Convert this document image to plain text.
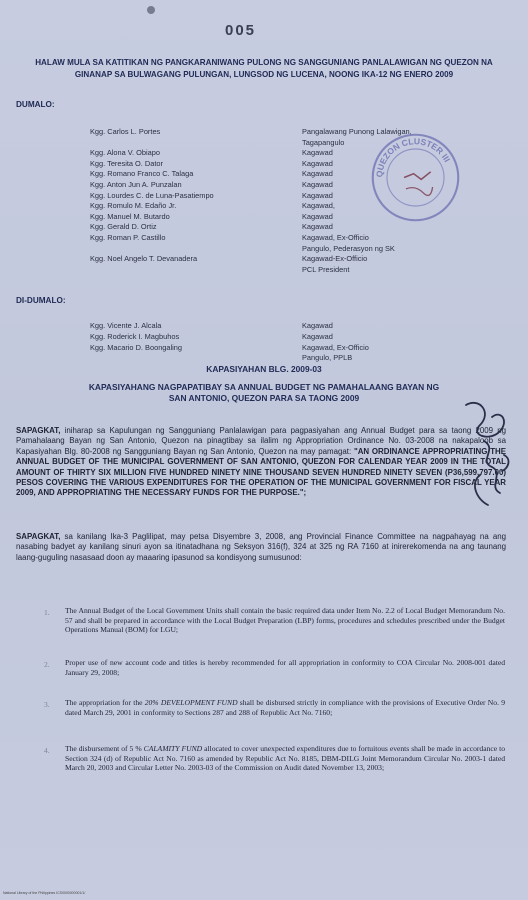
005
HALAW MULA SA KATITIKAN NG PANGKARANIWANG PULONG NG SANGGUNIANG PANLALAWIGAN NG QUEZON NA GINANAP SA BULWAGANG PULUNGAN, LUNGSOD NG LUCENA, NOONG IKA-12 NG ENERO 2009
DUMALO:
Kgg. Carlos L. Portes	Pangalawang Punong Lalawigan,
Tagapangulo
Kgg. Alona V. Obiapo	Kagawad
Kgg. Teresita O. Dator	Kagawad
Kgg. Romano Franco C. Talaga	Kagawad
Kgg. Anton Jun A. Punzalan	Kagawad
Kgg. Lourdes C. de Luna-Pasatiempo	Kagawad
Kgg. Romulo M. Edaño Jr.	Kagawad,
Kgg. Manuel M. Butardo	Kagawad
Kgg. Gerald D. Ortiz	Kagawad
Kgg. Roman P. Castillo	Kagawad, Ex-Officio
Pangulo, Pederasyon ng SK
Kgg. Noel Angelo T. Devanadera	Kagawad-Ex-Officio
PCL President
DI-DUMALO:
Kgg. Vicente J. Alcala	Kagawad
Kgg. Roderick I. Magbuhos	Kagawad
Kgg. Macario D. Boongaling	Kagawad, Ex-Officio
Pangulo, PPLB
KAPASIYAHAN BLG. 2009-03
KAPASIYAHANG NAGPAPATIBAY SA ANNUAL BUDGET NG PAMAHALAANG BAYAN NG SAN ANTONIO, QUEZON PARA SA TAONG 2009
SAPAGKAT, iniharap sa Kapulungan ng Sangguniang Panlalawigan para pagpasiyahan ang Annual Budget para sa taong 2009 ng Pamahalaang Bayan ng San Antonio, Quezon na pinagtibay sa ilalim ng Appropriation Ordinance No. 03-2008 na nakapaloob sa Kapasiyahan Blg. 80-2008 ng Sangguniang Bayan ng San Antonio, Quezon na may pamagat: "AN ORDINANCE APPROPRIATING THE ANNUAL BUDGET OF THE MUNICIPAL GOVERNMENT OF SAN ANTONIO, QUEZON FOR CALENDAR YEAR 2009 IN THE TOTAL AMOUNT OF THIRTY SIX MILLION FIVE HUNDRED NINETY NINE THOUSAND SEVEN HUNDRED NINETY SEVEN (P36,599,797.00) PESOS COVERING THE VARIOUS EXPENDITURES FOR THE OPERATION OF THE MUNICIPAL GOVERNMENT FOR FISCAL YEAR 2009, AND APPROPRIATING THE NECESSARY FUNDS FOR THE PURPOSE.";
SAPAGKAT, sa kanilang Ika-3 Paglilipat, may petsa Disyembre 3, 2008, ang Provincial Finance Committee na nagpahayag na ang nasabing badyet ay kanilang sinuri ayon sa itinatadhana ng Seksyon 316(f), 324 at 325 ng RA 7160 at inirerekomenda na ang taunang laang-guguling nasasaad doon ay maaaring ipasunod sa kondisyong sumusunod:
1. The Annual Budget of the Local Government Units shall contain the basic required data under Item No. 2.2 of Local Budget Memorandum No. 57 and shall be prepared in accordance with the Local Budget Preparation (LBP) forms, procedures and schedules prescribed under the Budget Operations Manual (BOM) for LGU;
2. Proper use of new account code and titles is hereby recommended for all appropriation in conformity to COA Circular No. 2008-001 dated January 29, 2008;
3. The appropriation for the 20% DEVELOPMENT FUND shall be disbursed strictly in compliance with the provisions of Executive Order No. 9 dated March 29, 2001 in conformity to Sections 287 and 288 of Republic Act No. 7160;
4. The disbursement of 5 % CALAMITY FUND allocated to cover unexpected expenditures due to fortuitous events shall be made in accordance to Section 324 (d) of Republic Act No. 7160 as amended by Republic Act No. 8185, DBM-DILG Joint Memorandum Circular No. 2003-1 dated March 20, 2003 and Circular Letter No. 2003-03 of the Commission on Audit dated November 13, 2003;
QUEZON CLUSTER III
National Library of the Philippines ICS0000000001/1/
